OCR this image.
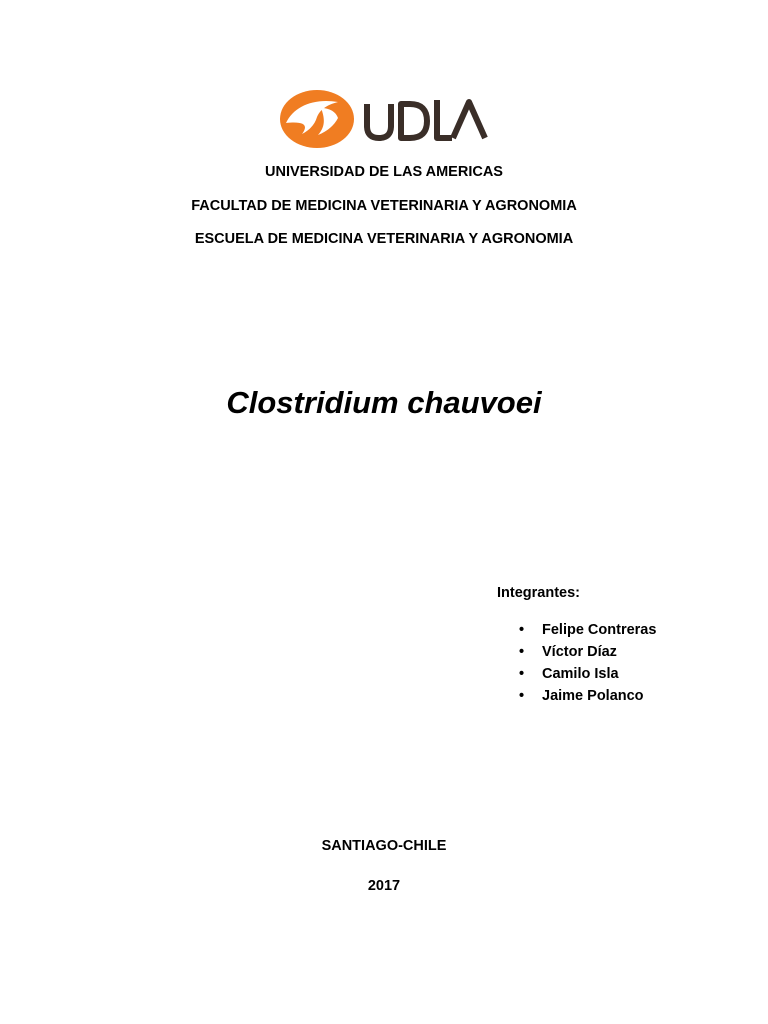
UNIVERSIDAD DE LAS AMERICAS
FACULTAD DE MEDICINA VETERINARIA Y AGRONOMIA
ESCUELA DE MEDICINA VETERINARIA Y AGRONOMIA
Clostridium chauvoei
Integrantes:
• Felipe Contreras
• Víctor Díaz
• Camilo Isla
• Jaime Polanco
SANTIAGO-CHILE
2017
